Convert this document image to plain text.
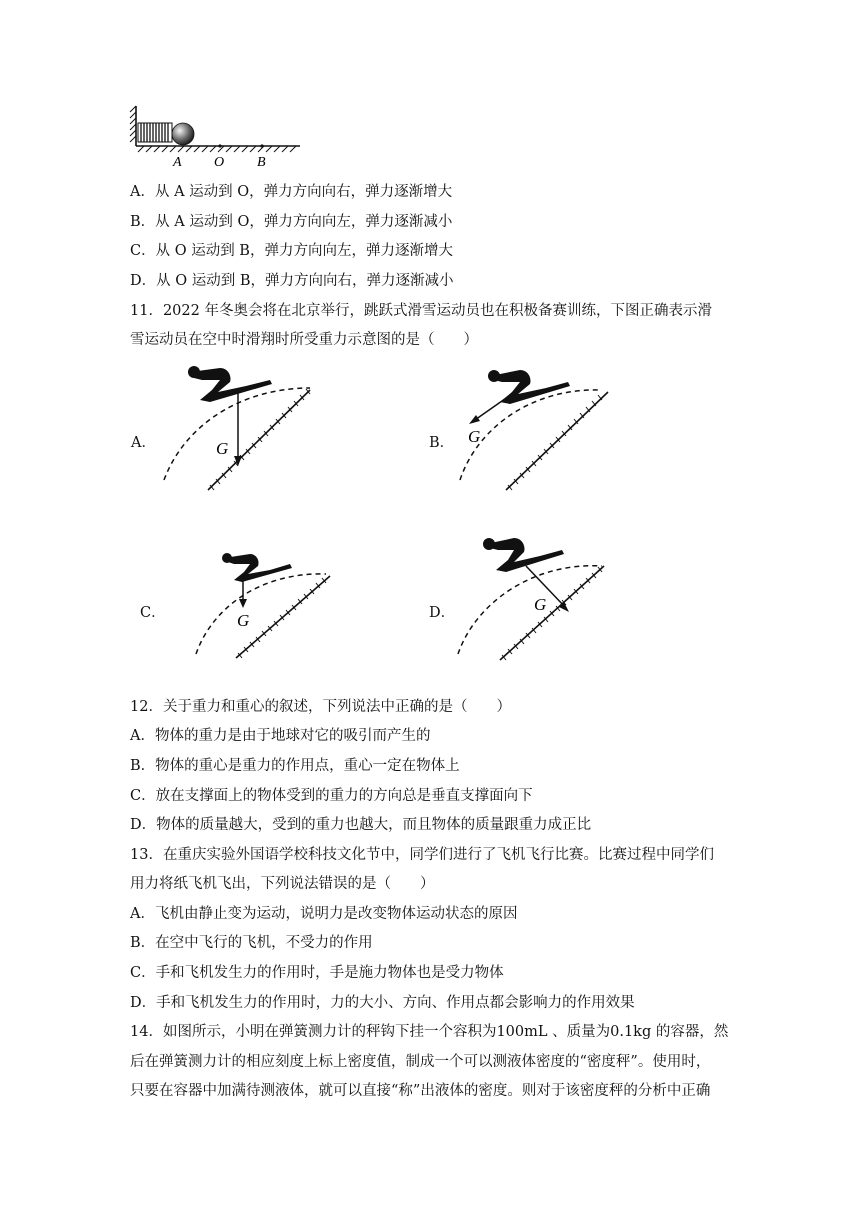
A O B
A．从 A 运动到 O，弹力方向向右，弹力逐渐增大
B．从 A 运动到 O，弹力方向向左，弹力逐渐减小
C．从 O 运动到 B，弹力方向向左，弹力逐渐增大
D．从 O 运动到 B，弹力方向向右，弹力逐渐减小
11．2022 年冬奥会将在北京举行，跳跃式滑雪运动员也在积极备赛训练，下图正确表示滑
雪运动员在空中时滑翔时所受重力示意图的是（　　）
A．	G	B． G
C．	G	D．	G
12．关于重力和重心的叙述，下列说法中正确的是（　　）
A．物体的重力是由于地球对它的吸引而产生的
B．物体的重心是重力的作用点，重心一定在物体上
C．放在支撑面上的物体受到的重力的方向总是垂直支撑面向下
D．物体的质量越大，受到的重力也越大，而且物体的质量跟重力成正比
13．在重庆实验外国语学校科技文化节中，同学们进行了飞机飞行比赛。比赛过程中同学们
用力将纸飞机飞出，下列说法错误的是（　　）
A．飞机由静止变为运动，说明力是改变物体运动状态的原因
B．在空中飞行的飞机，不受力的作用
C．手和飞机发生力的作用时，手是施力物体也是受力物体
D．手和飞机发生力的作用时，力的大小、方向、作用点都会影响力的作用效果
14．如图所示，小明在弹簧测力计的秤钩下挂一个容积为100mL 、质量为0.1kg 的容器，然
后在弹簧测力计的相应刻度上标上密度值，制成一个可以测液体密度的“密度秤”。使用时，
只要在容器中加满待测液体，就可以直接“称”出液体的密度。则对于该密度秤的分析中正确
